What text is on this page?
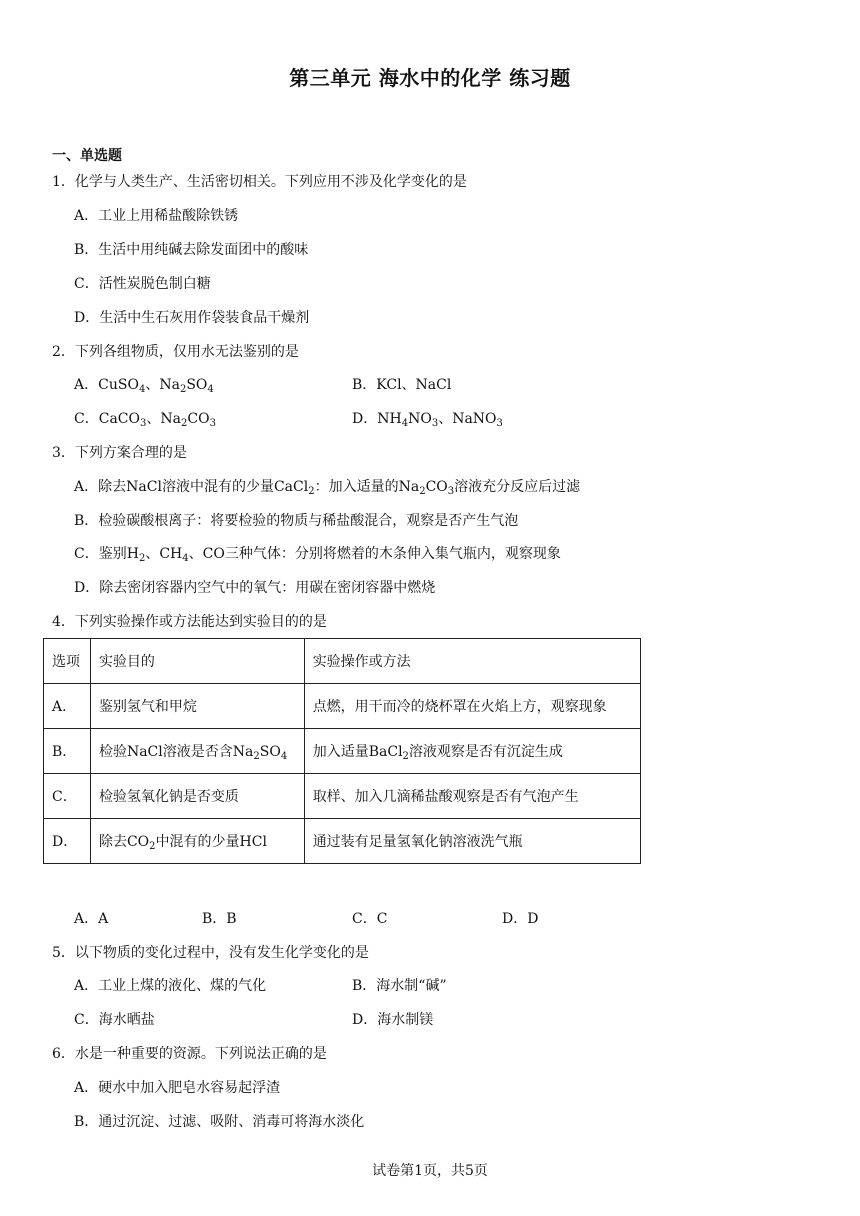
第三单元 海水中的化学 练习题
一、单选题
1．化学与人类生产、生活密切相关。下列应用不涉及化学变化的是
A．工业上用稀盐酸除铁锈
B．生活中用纯碱去除发面团中的酸味
C．活性炭脱色制白糖
D．生活中生石灰用作袋装食品干燥剂
2．下列各组物质，仅用水无法鉴别的是
A．CuSO$_4$、$Na_2SO_4$	B．KCl、NaCl
C．CaCO$_3$、$Na_2CO_3$	D．$NH_4NO_3$、NaNO$_3$
3．下列方案合理的是
A．除去NaCl溶液中混有的少量CaCl$_2$：加入适量的$Na_2CO_3$溶液充分反应后过滤
B．检验碳酸根离子：将要检验的物质与稀盐酸混合，观察是否产生气泡
C．鉴别$H_2$、$CH_4$、CO三种气体：分别将燃着的木条伸入集气瓶内，观察现象
D．除去密闭容器内空气中的氧气：用碳在密闭容器中燃烧
4．下列实验操作或方法能达到实验目的的是
选项	实验目的	实验操作或方法
A．	鉴别氢气和甲烷	点燃，用干而冷的烧杯罩在火焰上方，观察现象
B．	检验NaCl溶液是否含$Na_2SO_4$	加入适量BaCl$_2$溶液观察是否有沉淀生成
C．	检验氢氧化钠是否变质	取样、加入几滴稀盐酸观察是否有气泡产生
D．	除去$CO_2$中混有的少量HCl	通过装有足量氢氧化钠溶液洗气瓶
A．A	B．B	C．C	D．D
5．以下物质的变化过程中，没有发生化学变化的是
A．工业上煤的液化、煤的气化	B．海水制“碱”
C．海水晒盐	D．海水制镁
6．水是一种重要的资源。下列说法正确的是
A．硬水中加入肥皂水容易起浮渣
B．通过沉淀、过滤、吸附、消毒可将海水淡化
试卷第1页，共5页
